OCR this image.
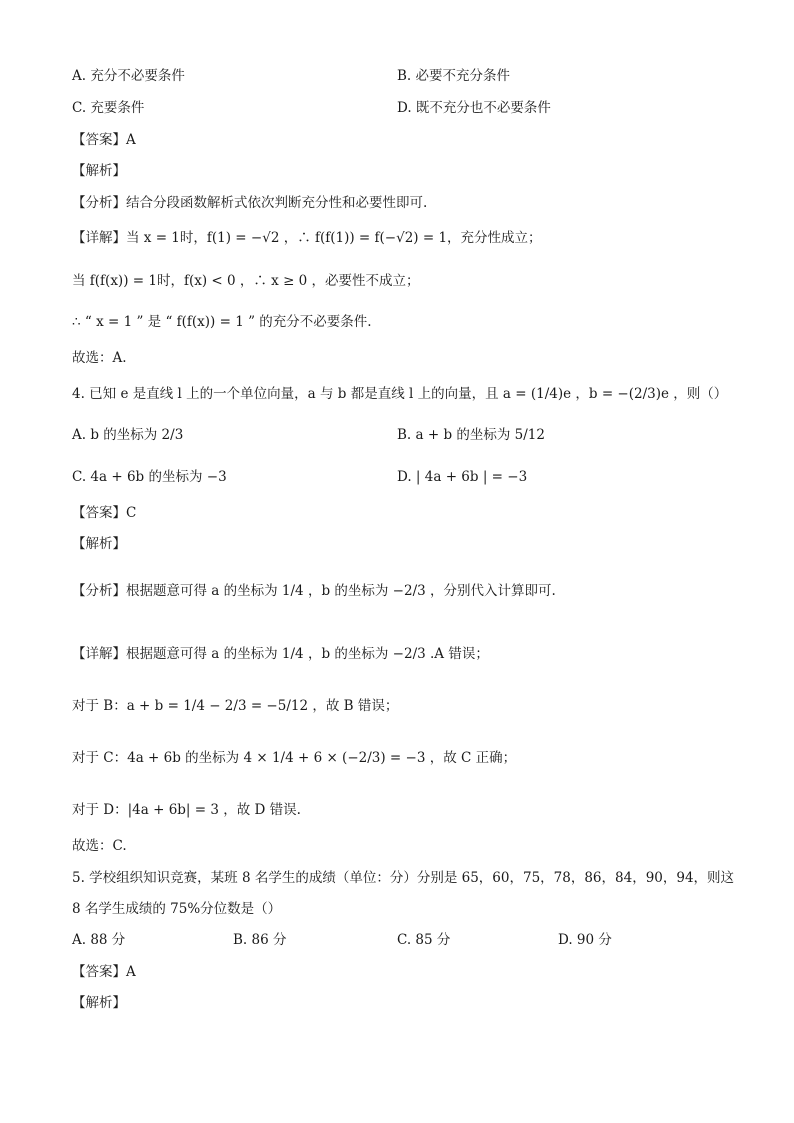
A. 充分不必要条件	B. 必要不充分条件
C. 充要条件	D. 既不充分也不必要条件
【答案】A
【解析】
【分析】结合分段函数解析式依次判断充分性和必要性即可.
【详解】当 x = 1时，f(1) = −√2 ，∴ f(f(1)) = f(−√2) = 1，充分性成立；
当 f(f(x)) = 1时，f(x) < 0 ，∴ x ≥ 0 ，必要性不成立；
∴ “ x = 1 ” 是 “ f(f(x)) = 1 ” 的充分不必要条件.
故选：A.
4. 已知 e 是直线 l 上的一个单位向量，a 与 b 都是直线 l 上的向量，且 a = (1/4)e ，b = −(2/3)e ，则（）
A. b 的坐标为 2/3	B. a + b 的坐标为 5/12
C. 4a + 6b 的坐标为 −3	D. | 4a + 6b | = −3
【答案】C
【解析】
【分析】根据题意可得 a 的坐标为 1/4 ，b 的坐标为 −2/3 ，分别代入计算即可.
【详解】根据题意可得 a 的坐标为 1/4 ，b 的坐标为 −2/3 .A 错误；
对于 B：a + b = 1/4 − 2/3 = −5/12 ，故 B 错误；
对于 C：4a + 6b 的坐标为 4 × 1/4 + 6 × (−2/3) = −3 ，故 C 正确；
对于 D：|4a + 6b| = 3 ，故 D 错误.
故选：C.
5. 学校组织知识竞赛，某班 8 名学生的成绩（单位：分）分别是 65，60，75，78，86，84，90，94，则这
8 名学生成绩的 75%分位数是（）
A. 88 分	B. 86 分	C. 85 分	D. 90 分
【答案】A
【解析】
